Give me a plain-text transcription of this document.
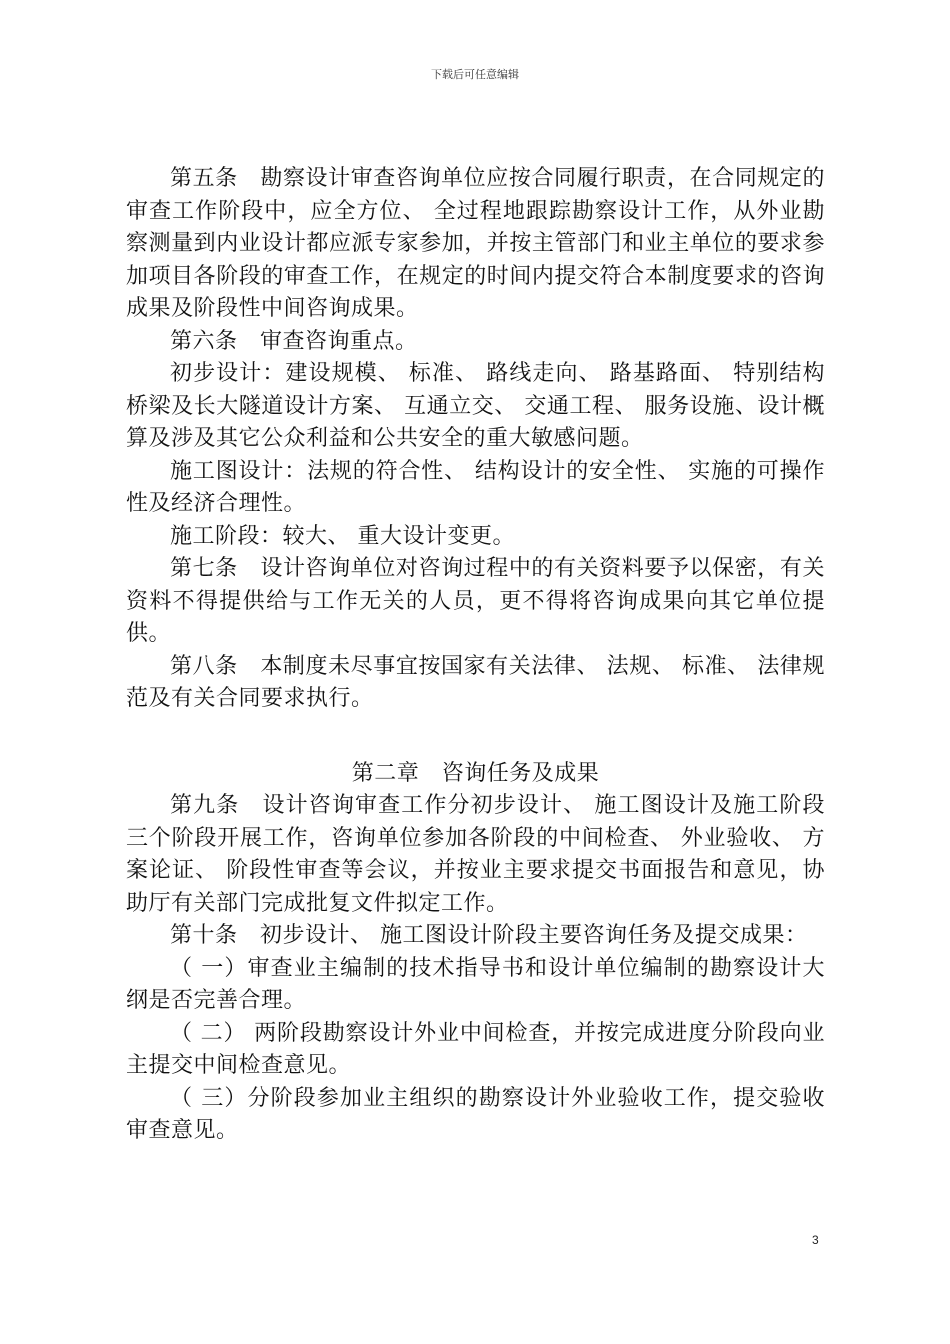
下载后可任意编辑

第五条　勘察设计审查咨询单位应按合同履行职责，在合同规定的审查工作阶段中，应全方位、 全过程地跟踪勘察设计工作，从外业勘察测量到内业设计都应派专家参加，并按主管部门和业主单位的要求参加项目各阶段的审查工作，在规定的时间内提交符合本制度要求的咨询成果及阶段性中间咨询成果。

第六条　审查咨询重点。

初步设计：建设规模、 标准、 路线走向、 路基路面、 特别结构桥梁及长大隧道设计方案、 互通立交、 交通工程、 服务设施、设计概算及涉及其它公众利益和公共安全的重大敏感问题。

施工图设计：法规的符合性、 结构设计的安全性、 实施的可操作性及经济合理性。

施工阶段：较大、 重大设计变更。

第七条　设计咨询单位对咨询过程中的有关资料要予以保密，有关资料不得提供给与工作无关的人员，更不得将咨询成果向其它单位提供。

第八条　本制度未尽事宜按国家有关法律、 法规、 标准、 法律规范及有关合同要求执行。

第二章　咨询任务及成果

第九条　设计咨询审查工作分初步设计、 施工图设计及施工阶段三个阶段开展工作，咨询单位参加各阶段的中间检查、 外业验收、 方案论证、 阶段性审查等会议，并按业主要求提交书面报告和意见，协助厅有关部门完成批复文件拟定工作。

第十条　初步设计、 施工图设计阶段主要咨询任务及提交成果：

（ 一）审查业主编制的技术指导书和设计单位编制的勘察设计大纲是否完善合理。

（ 二） 两阶段勘察设计外业中间检查，并按完成进度分阶段向业主提交中间检查意见。

（ 三）分阶段参加业主组织的勘察设计外业验收工作，提交验收审查意见。

3
